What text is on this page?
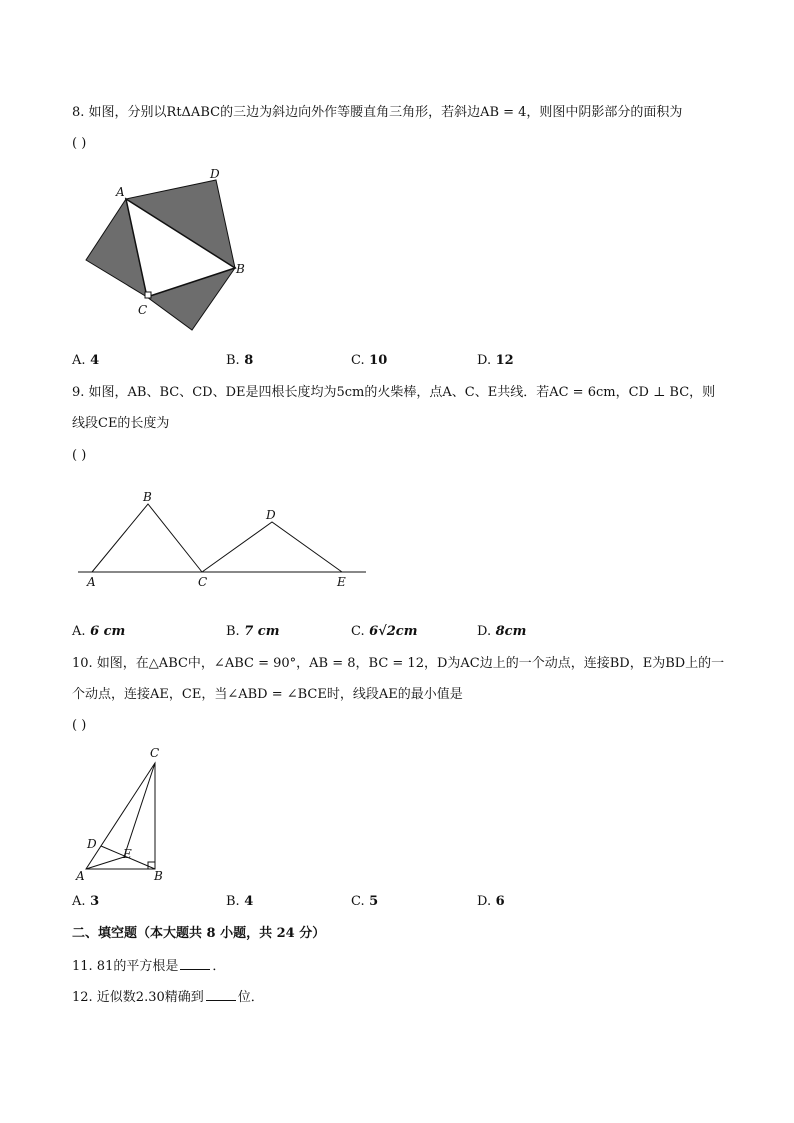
8. 如图，分别以RtΔABC的三边为斜边向外作等腰直角三角形，若斜边AB = 4，则图中阴影部分的面积为
( )
A
D
B
C
A. 4	B. 8	C. 10	D. 12
9. 如图，AB、BC、CD、DE是四根长度均为5cm的火柴棒，点A、C、E共线．若AC = 6cm，CD ⊥ BC，则
线段CE的长度为
( )
B
D
A	C	E
A. 6 cm	B. 7 cm	C. 6√2cm	D. 8cm
10. 如图，在△ABC中，∠ABC = 90°，AB = 8，BC = 12，D为AC边上的一个动点，连接BD，E为BD上的一
个动点，连接AE，CE，当∠ABD = ∠BCE时，线段AE的最小值是
( )
C
D
E
A	B
A. 3	B. 4	C. 5	D. 6
二、填空题（本大题共 8 小题，共 24 分）
11. 81的平方根是	．
12. 近似数2.30精确到	位．
